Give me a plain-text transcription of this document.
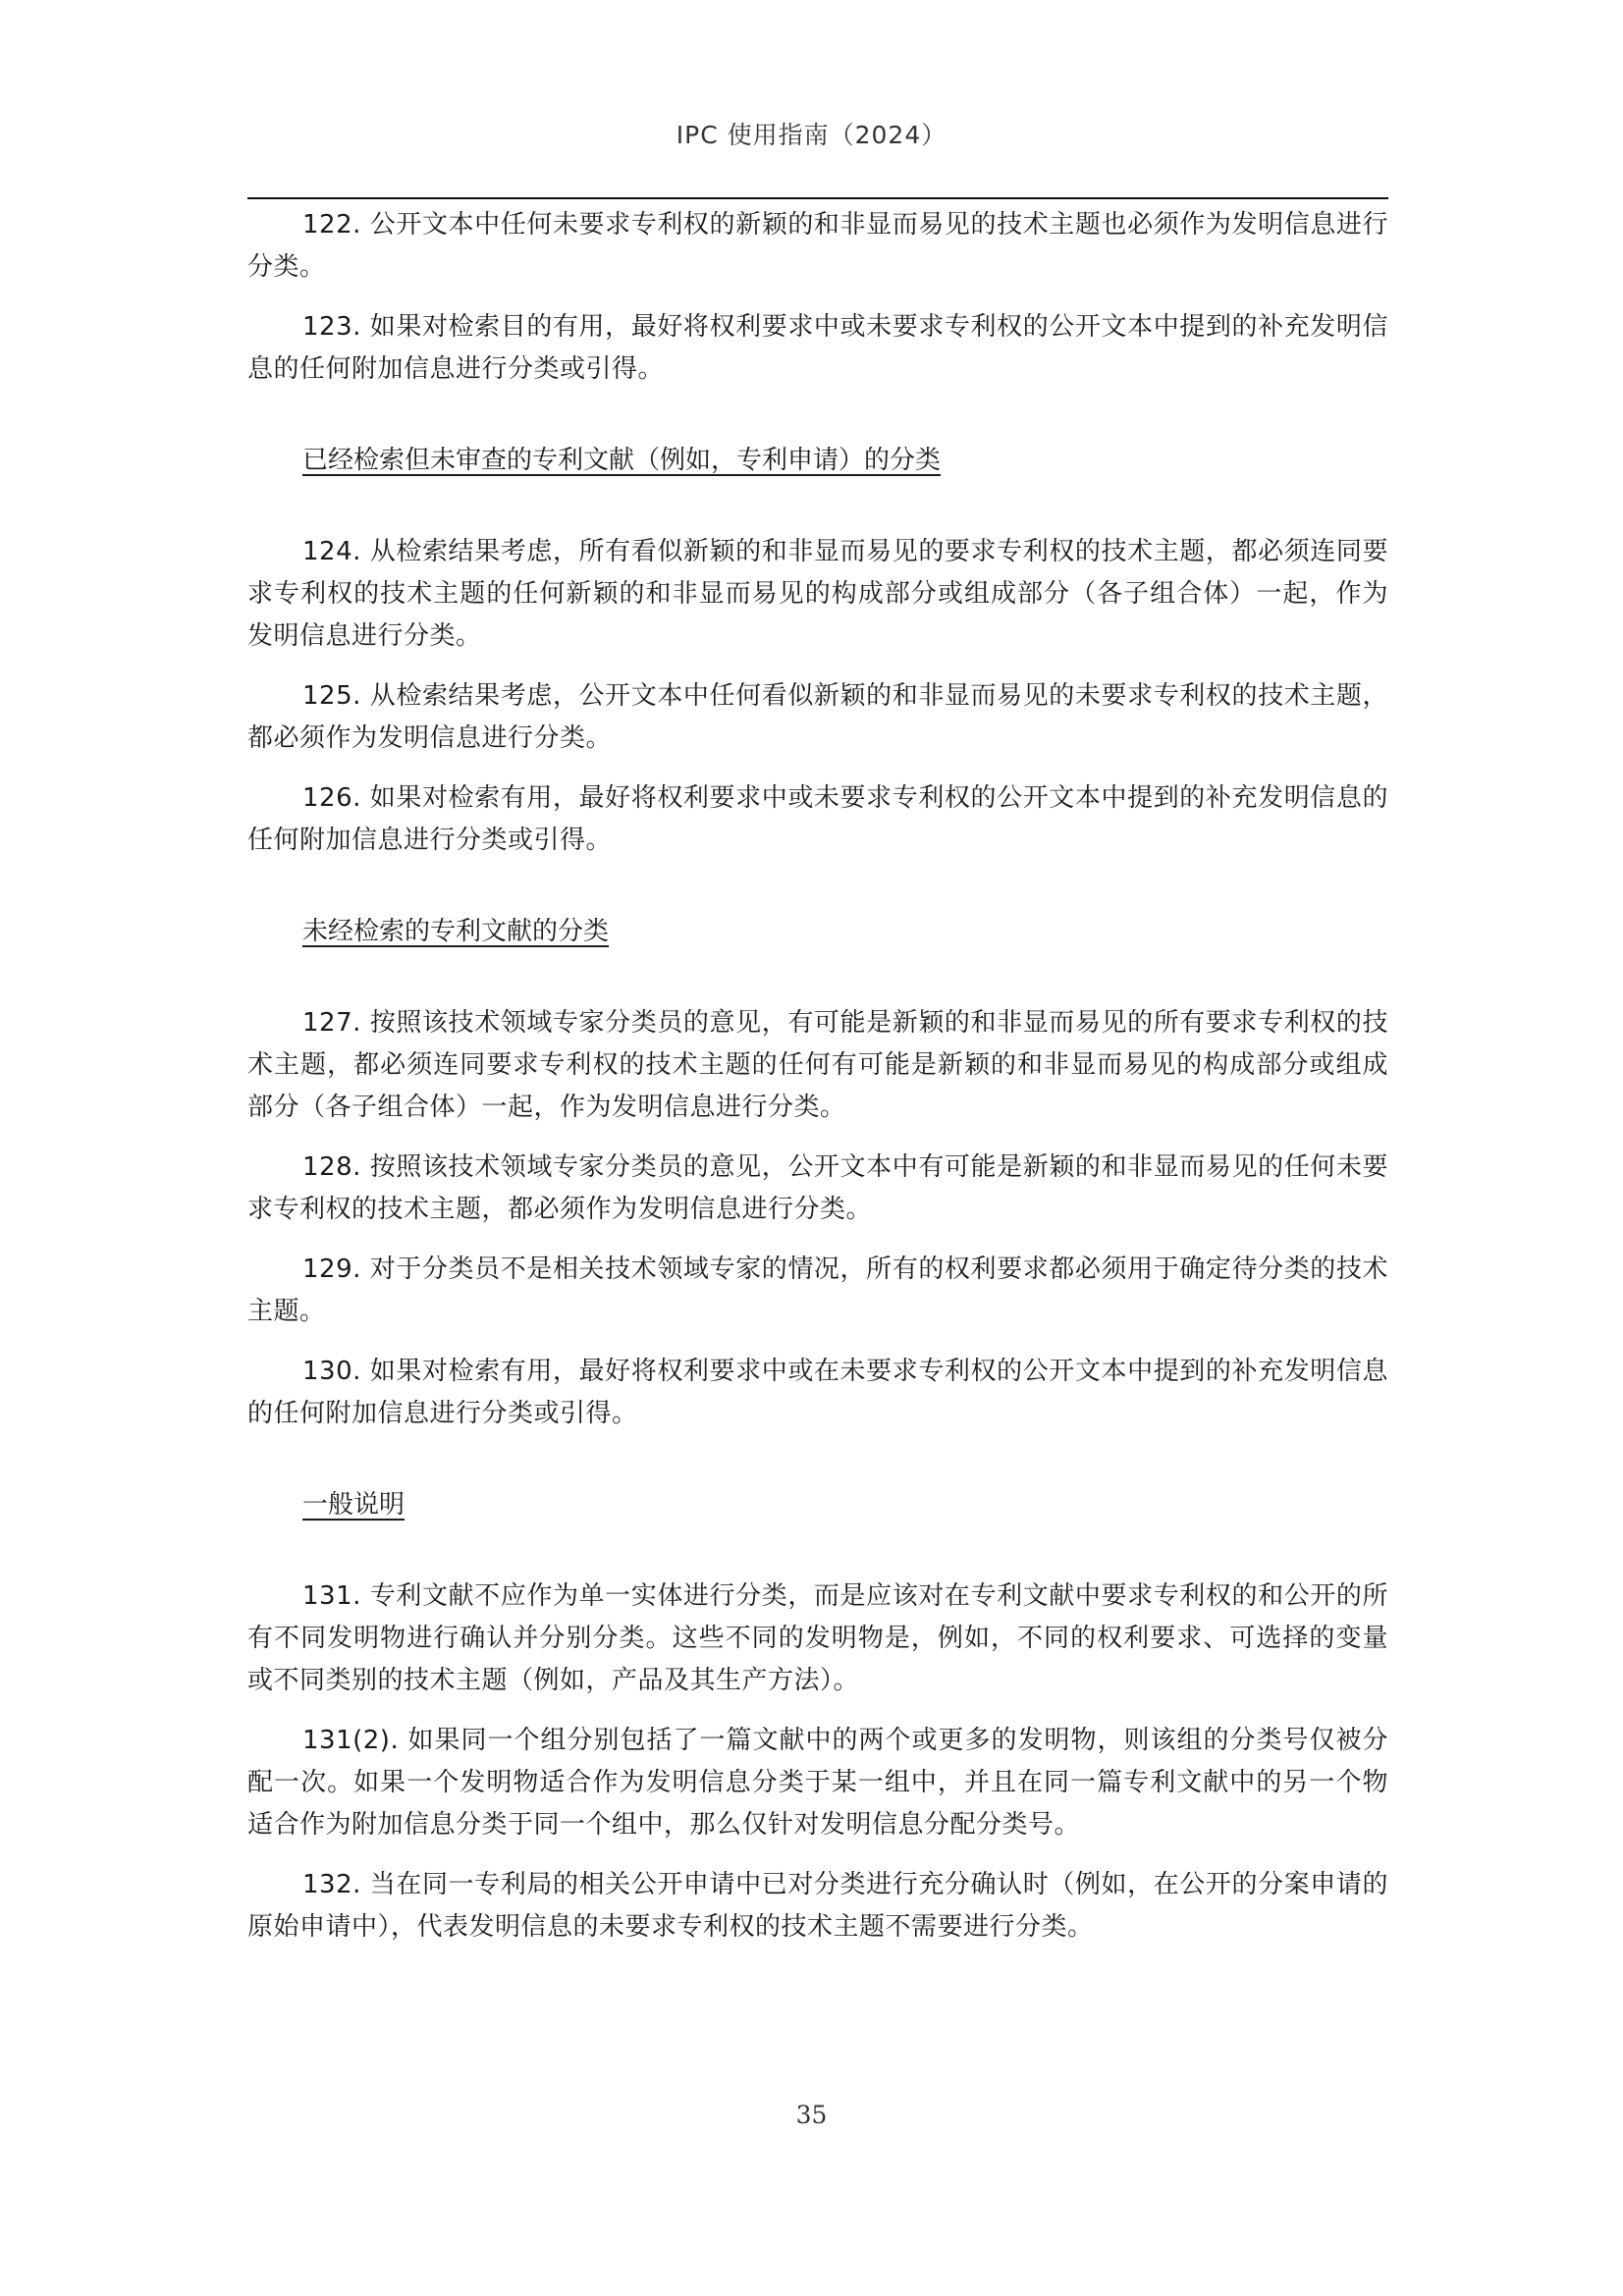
IPC 使用指南（2024）

122. 公开文本中任何未要求专利权的新颖的和非显而易见的技术主题也必须作为发明信息进行分类。

123. 如果对检索目的有用，最好将权利要求中或未要求专利权的公开文本中提到的补充发明信息的任何附加信息进行分类或引得。

已经检索但未审查的专利文献（例如，专利申请）的分类

124. 从检索结果考虑，所有看似新颖的和非显而易见的要求专利权的技术主题，都必须连同要求专利权的技术主题的任何新颖的和非显而易见的构成部分或组成部分（各子组合体）一起，作为发明信息进行分类。

125. 从检索结果考虑，公开文本中任何看似新颖的和非显而易见的未要求专利权的技术主题，都必须作为发明信息进行分类。

126. 如果对检索有用，最好将权利要求中或未要求专利权的公开文本中提到的补充发明信息的任何附加信息进行分类或引得。

未经检索的专利文献的分类

127. 按照该技术领域专家分类员的意见，有可能是新颖的和非显而易见的所有要求专利权的技术主题，都必须连同要求专利权的技术主题的任何有可能是新颖的和非显而易见的构成部分或组成部分（各子组合体）一起，作为发明信息进行分类。

128. 按照该技术领域专家分类员的意见，公开文本中有可能是新颖的和非显而易见的任何未要求专利权的技术主题，都必须作为发明信息进行分类。

129. 对于分类员不是相关技术领域专家的情况，所有的权利要求都必须用于确定待分类的技术主题。

130. 如果对检索有用，最好将权利要求中或在未要求专利权的公开文本中提到的补充发明信息的任何附加信息进行分类或引得。

一般说明

131. 专利文献不应作为单一实体进行分类，而是应该对在专利文献中要求专利权的和公开的所有不同发明物进行确认并分别分类。这些不同的发明物是，例如，不同的权利要求、可选择的变量或不同类别的技术主题（例如，产品及其生产方法）。

131(2). 如果同一个组分别包括了一篇文献中的两个或更多的发明物，则该组的分类号仅被分配一次。如果一个发明物适合作为发明信息分类于某一组中，并且在同一篇专利文献中的另一个物适合作为附加信息分类于同一个组中，那么仅针对发明信息分配分类号。

132. 当在同一专利局的相关公开申请中已对分类进行充分确认时（例如，在公开的分案申请的原始申请中），代表发明信息的未要求专利权的技术主题不需要进行分类。

35
